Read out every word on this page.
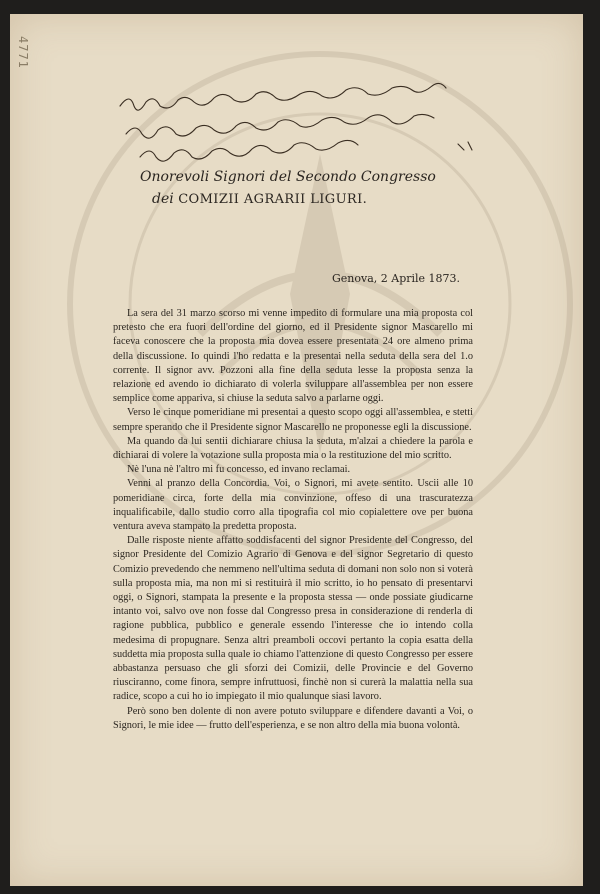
4771
Onorevoli Signori del Secondo Congresso
dei COMIZII AGRARII LIGURI.
Genova, 2 Aprile 1873.

La sera del 31 marzo scorso mi venne impedito di formulare una mia proposta col pretesto che era fuori dell'ordine del giorno, ed il Presidente signor Mascarello mi faceva conoscere che la proposta mia dovea essere presentata 24 ore almeno prima della discussione. Io quindi l'ho redatta e la presentai nella seduta della sera del 1.o corrente. Il signor avv. Pozzoni alla fine della seduta lesse la proposta senza la relazione ed avendo io dichiarato di volerla sviluppare all'assemblea per non essere semplice come appariva, si chiuse la seduta salvo a parlarne oggi.

Verso le cinque pomeridiane mi presentai a questo scopo oggi all'assemblea, e stetti sempre sperando che il Presidente signor Mascarello ne proponesse egli la discussione.

Ma quando da lui sentii dichiarare chiusa la seduta, m'alzai a chiedere la parola e dichiarai di volere la votazione sulla proposta mia o la restituzione del mio scritto.

Nè l'una nè l'altro mi fu concesso, ed invano reclamai.

Venni al pranzo della Concordia. Voi, o Signori, mi avete sentito. Uscii alle 10 pomeridiane circa, forte della mia convinzione, offeso di una trascuratezza inqualificabile, dallo studio corro alla tipografia col mio copialettere ove per buona ventura aveva stampato la predetta proposta.

Dalle risposte niente affatto soddisfacenti del signor Presidente del Congresso, del signor Presidente del Comizio Agrario di Genova e del signor Segretario di questo Comizio prevedendo che nemmeno nell'ultima seduta di domani non solo non si voterà sulla proposta mia, ma non mi si restituirà il mio scritto, io ho pensato di presentarvi oggi, o Signori, stampata la presente e la proposta stessa — onde possiate giudicarne intanto voi, salvo ove non fosse dal Congresso presa in considerazione di renderla di ragione pubblica, pubblico e generale essendo l'interesse che io intendo colla medesima di propugnare. Senza altri preamboli occovi pertanto la copia esatta della suddetta mia proposta sulla quale io chiamo l'attenzione di questo Congresso per essere abbastanza persuaso che gli sforzi dei Comizii, delle Provincie e del Governo riusciranno, come finora, sempre infruttuosi, finchè non si curerà la malattia nella sua radice, scopo a cui ho io impiegato il mio qualunque siasi lavoro.

Però sono ben dolente di non avere potuto sviluppare e difendere davanti a Voi, o Signori, le mie idee — frutto dell'esperienza, e se non altro della mia buona volontà.
